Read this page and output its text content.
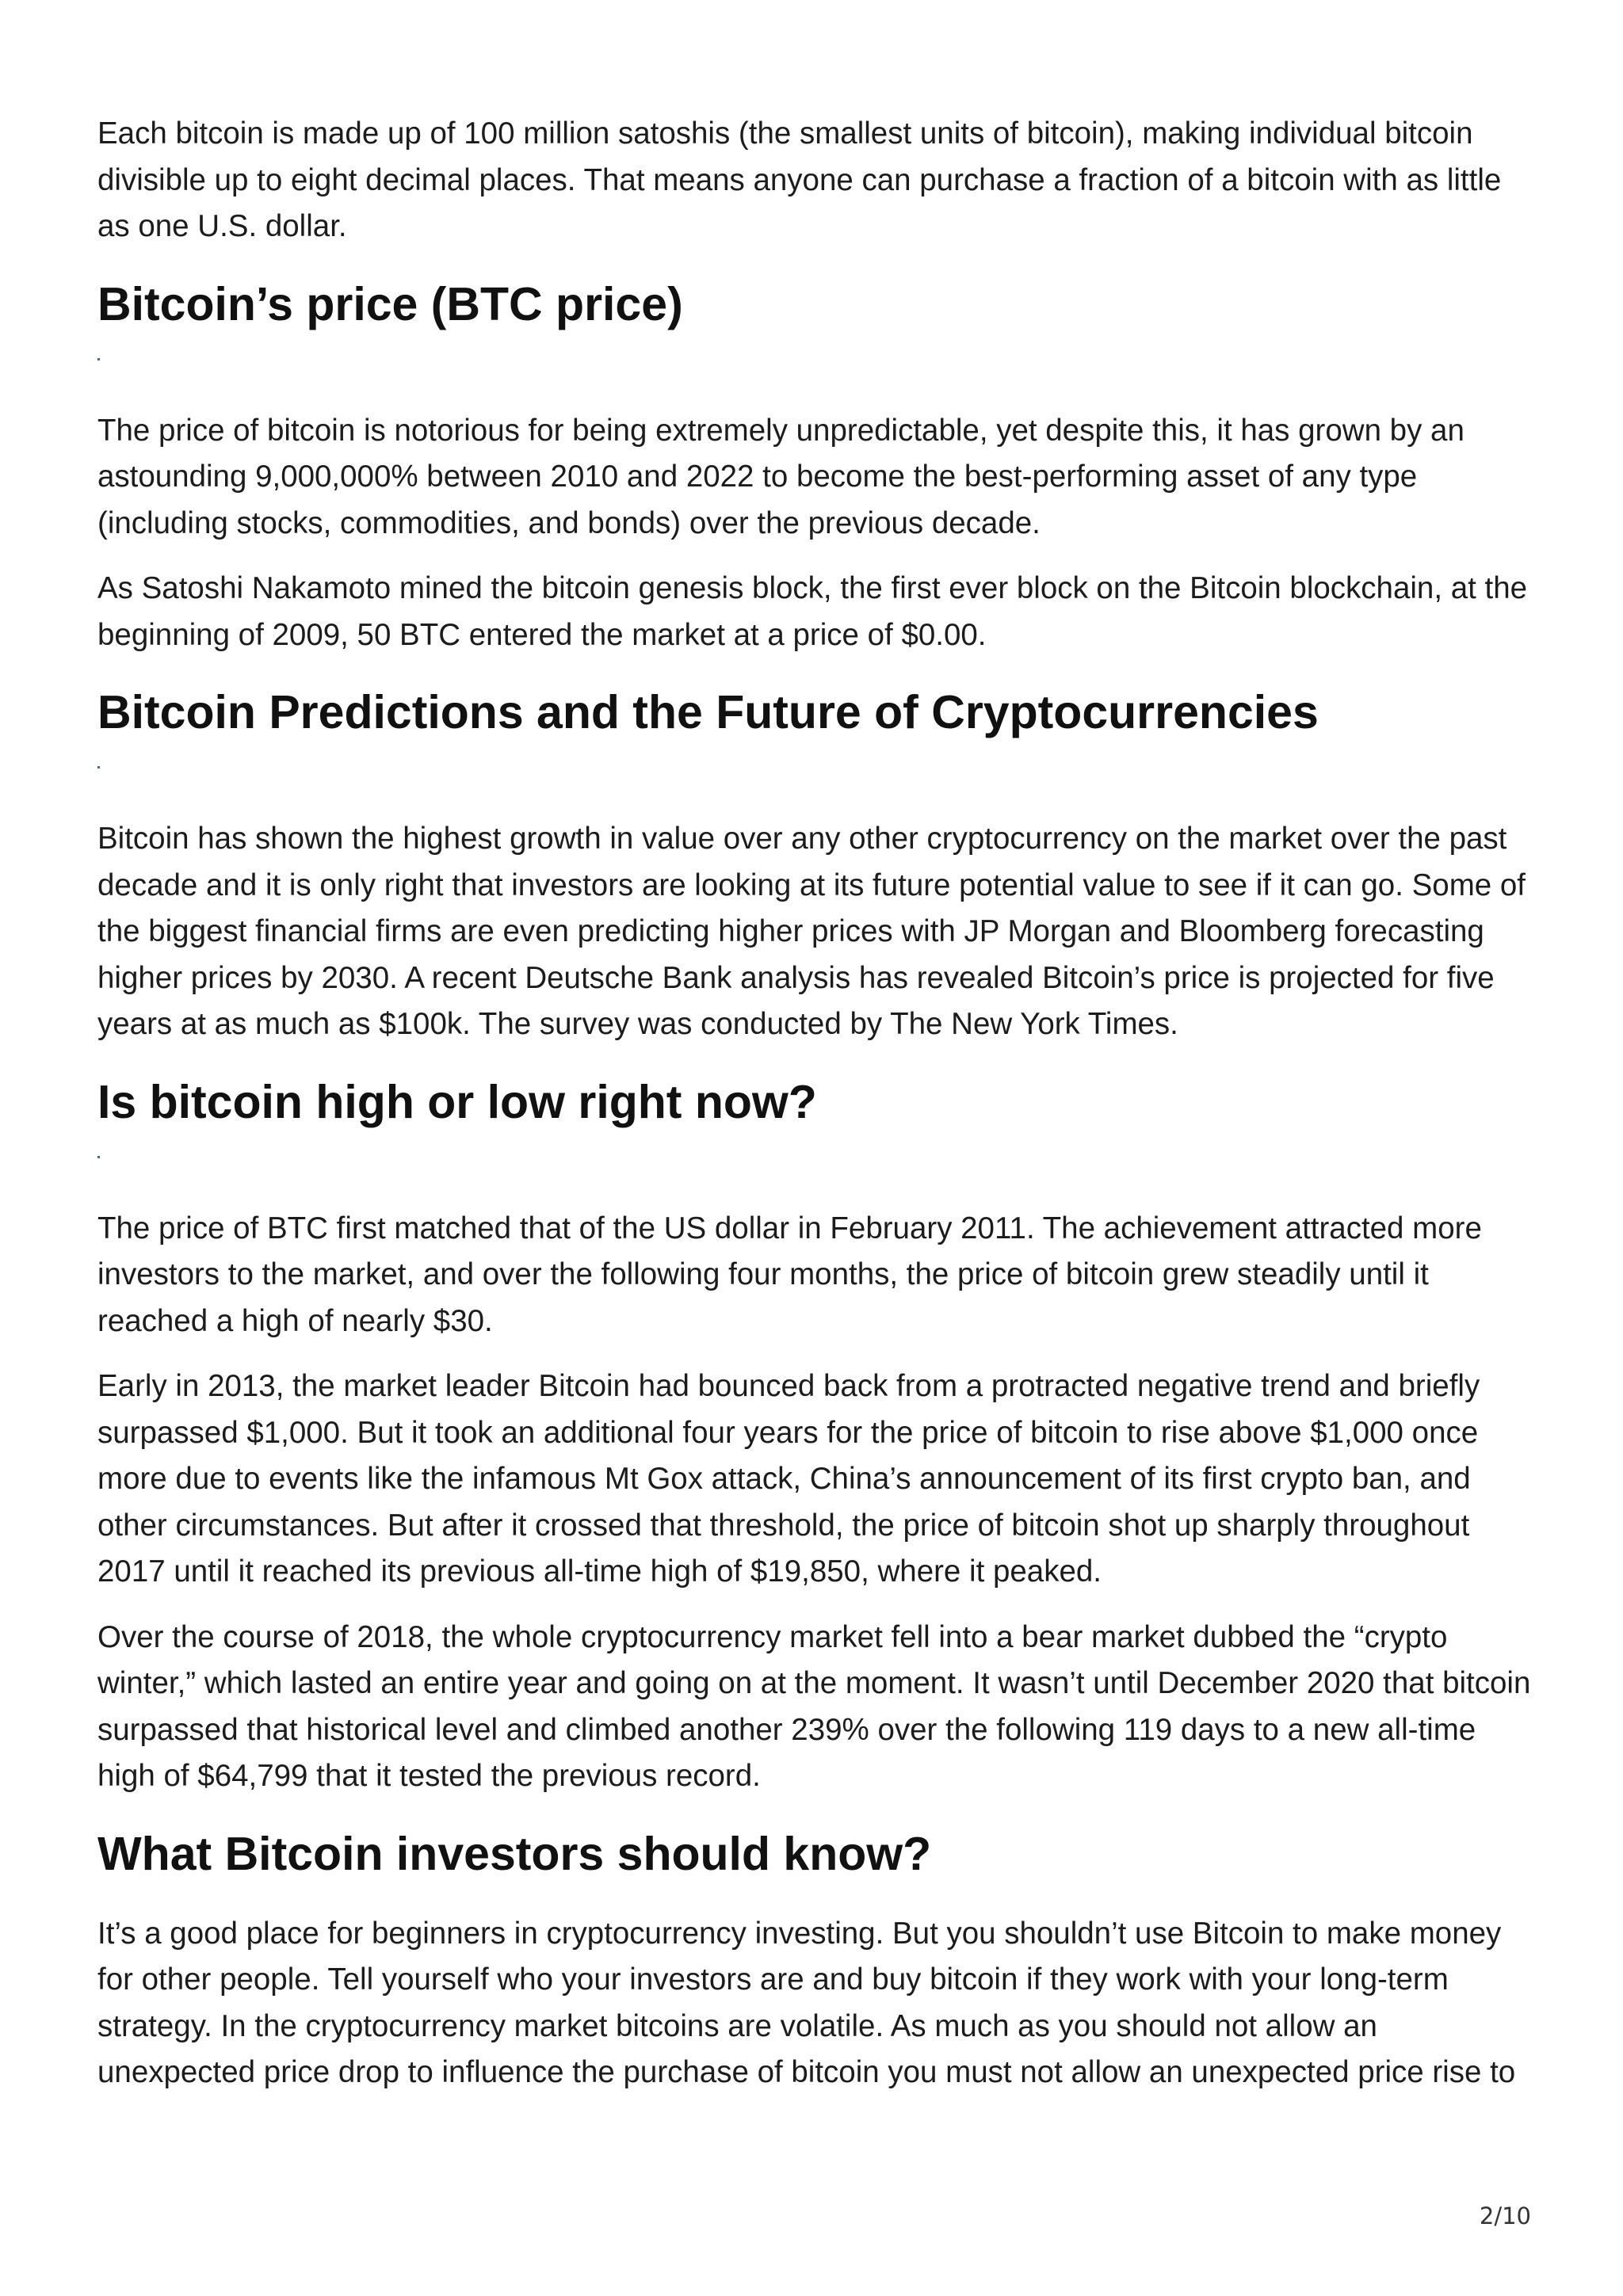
Each bitcoin is made up of 100 million satoshis (the smallest units of bitcoin), making individual bitcoin divisible up to eight decimal places. That means anyone can purchase a fraction of a bitcoin with as little as one U.S. dollar.

Bitcoin’s price (BTC price)

The price of bitcoin is notorious for being extremely unpredictable, yet despite this, it has grown by an astounding 9,000,000% between 2010 and 2022 to become the best-performing asset of any type (including stocks, commodities, and bonds) over the previous decade.

As Satoshi Nakamoto mined the bitcoin genesis block, the first ever block on the Bitcoin blockchain, at the beginning of 2009, 50 BTC entered the market at a price of $0.00.

Bitcoin Predictions and the Future of Cryptocurrencies

Bitcoin has shown the highest growth in value over any other cryptocurrency on the market over the past decade and it is only right that investors are looking at its future potential value to see if it can go. Some of the biggest financial firms are even predicting higher prices with JP Morgan and Bloomberg forecasting higher prices by 2030. A recent Deutsche Bank analysis has revealed Bitcoin’s price is projected for five years at as much as $100k. The survey was conducted by The New York Times.

Is bitcoin high or low right now?

The price of BTC first matched that of the US dollar in February 2011. The achievement attracted more investors to the market, and over the following four months, the price of bitcoin grew steadily until it reached a high of nearly $30.

Early in 2013, the market leader Bitcoin had bounced back from a protracted negative trend and briefly surpassed $1,000. But it took an additional four years for the price of bitcoin to rise above $1,000 once more due to events like the infamous Mt Gox attack, China’s announcement of its first crypto ban, and other circumstances. But after it crossed that threshold, the price of bitcoin shot up sharply throughout 2017 until it reached its previous all-time high of $19,850, where it peaked.

Over the course of 2018, the whole cryptocurrency market fell into a bear market dubbed the “crypto winter,” which lasted an entire year and going on at the moment. It wasn’t until December 2020 that bitcoin surpassed that historical level and climbed another 239% over the following 119 days to a new all-time high of $64,799 that it tested the previous record.

What Bitcoin investors should know?

It’s a good place for beginners in cryptocurrency investing. But you shouldn’t use Bitcoin to make money for other people. Tell yourself who your investors are and buy bitcoin if they work with your long-term strategy. In the cryptocurrency market bitcoins are volatile. As much as you should not allow an unexpected price drop to influence the purchase of bitcoin you must not allow an unexpected price rise to

2/10
